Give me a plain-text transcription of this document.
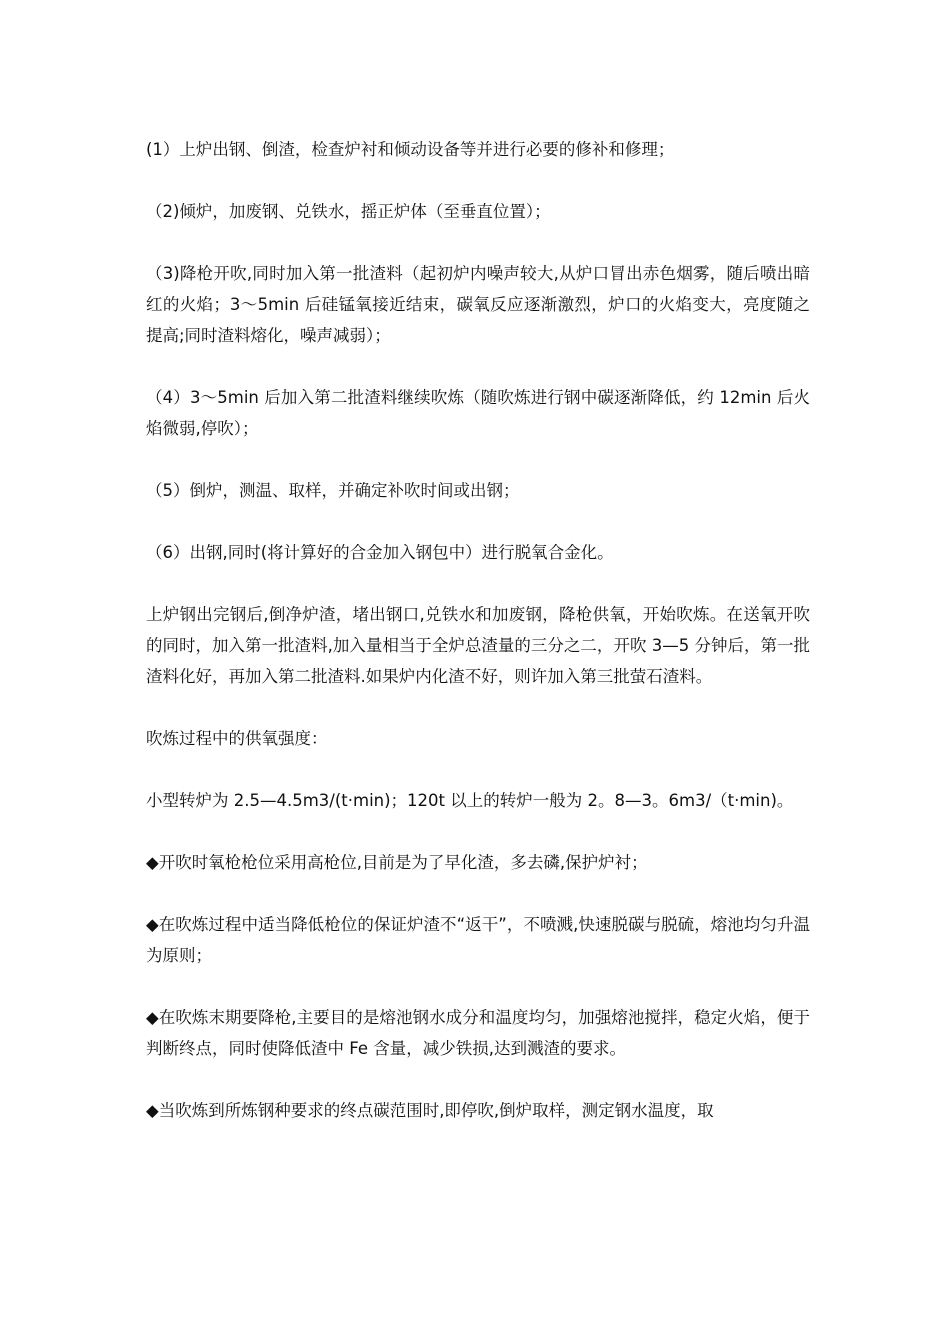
(1）上炉出钢、倒渣，检查炉衬和倾动设备等并进行必要的修补和修理；

（2)倾炉，加废钢、兑铁水，摇正炉体（至垂直位置）；

（3)降枪开吹,同时加入第一批渣料（起初炉内噪声较大,从炉口冒出赤色烟雾，随后喷出暗红的火焰；3～5min 后硅锰氧接近结束，碳氧反应逐渐激烈，炉口的火焰变大，亮度随之提高;同时渣料熔化，噪声减弱）；

（4）3～5min 后加入第二批渣料继续吹炼（随吹炼进行钢中碳逐渐降低，约 12min 后火焰微弱,停吹）；

（5）倒炉，测温、取样，并确定补吹时间或出钢；

（6）出钢,同时(将计算好的合金加入钢包中）进行脱氧合金化。

上炉钢出完钢后,倒净炉渣，堵出钢口,兑铁水和加废钢，降枪供氧，开始吹炼。在送氧开吹的同时，加入第一批渣料,加入量相当于全炉总渣量的三分之二，开吹 3—5 分钟后，第一批渣料化好，再加入第二批渣料.如果炉内化渣不好，则许加入第三批萤石渣料。

吹炼过程中的供氧强度：

小型转炉为 2.5—4.5m3/(t·min)；120t 以上的转炉一般为 2。8—3。6m3/（t·min)。

◆开吹时氧枪枪位采用高枪位,目前是为了早化渣，多去磷,保护炉衬；

◆在吹炼过程中适当降低枪位的保证炉渣不“返干”，不喷溅,快速脱碳与脱硫，熔池均匀升温为原则；

◆在吹炼末期要降枪,主要目的是熔池钢水成分和温度均匀，加强熔池搅拌，稳定火焰，便于判断终点，同时使降低渣中 Fe 含量，减少铁损,达到溅渣的要求。

◆当吹炼到所炼钢种要求的终点碳范围时,即停吹,倒炉取样，测定钢水温度，取
